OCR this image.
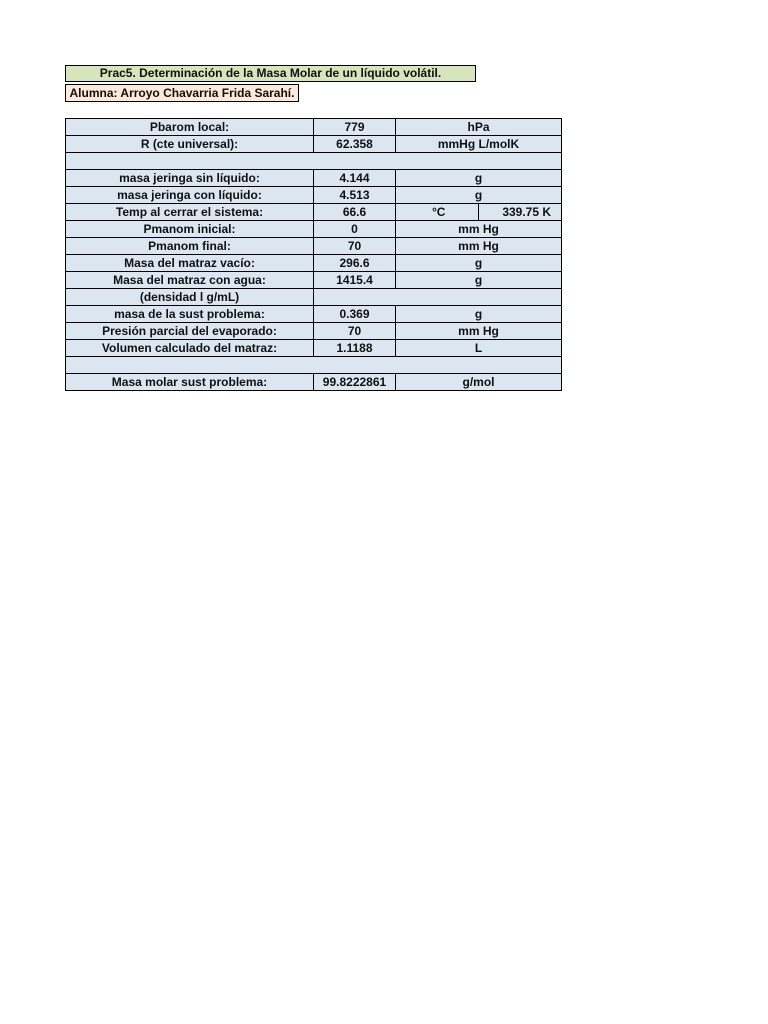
Prac5. Determinación de la Masa Molar de un líquido volátil.
Alumna: Arroyo Chavarria Frida Sarahí.
Pbarom local:	779	hPa	
R (cte universal):	62.358	mmHg L/molK	

masa jeringa sin líquido:	4.144	g	
masa jeringa con líquido:	4.513	g	
Temp al cerrar el sistema:	66.6	°C	339.75 K
Pmanom inicial:	0	mm Hg	
Pmanom final:	70	mm Hg	
Masa del matraz vacío:	296.6	g	
Masa del matraz con agua:	1415.4	g	
(densidad l g/mL)			
masa de la sust problema:	0.369	g	
Presión parcial del evaporado:	70	mm Hg	
Volumen calculado del matraz:	1.1188	L	

Masa molar sust problema:	99.8222861	g/mol	
